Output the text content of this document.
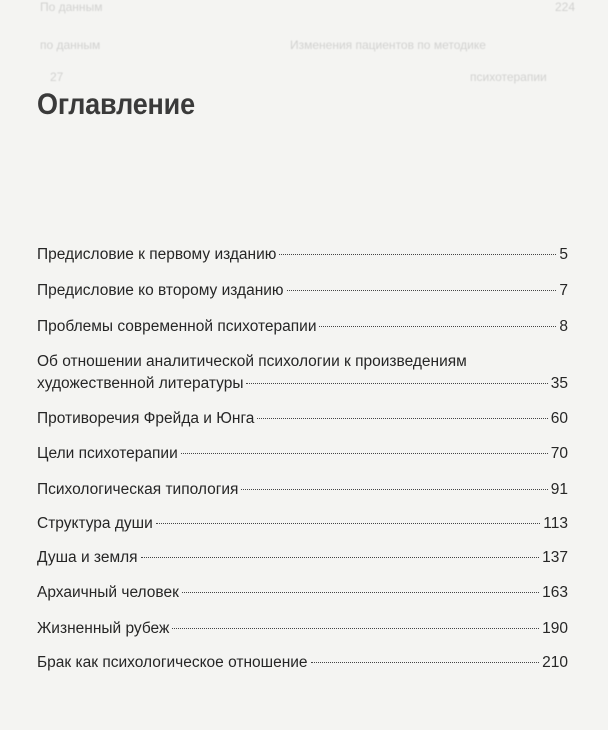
По данным	224
по данным	Изменения пациентов по методике
27	психотерапии
Оглавление
Предисловие к первому изданию	5
Предисловие ко второму изданию	7
Проблемы современной психотерапии	8
Об отношении аналитической психологии к произведениям
художественной литературы	35
Противоречия Фрейда и Юнга	60
Цели психотерапии	70
Психологическая типология	91
Структура души	113
Душа и земля	137
Архаичный человек	163
Жизненный рубеж	190
Брак как психологическое отношение	210
